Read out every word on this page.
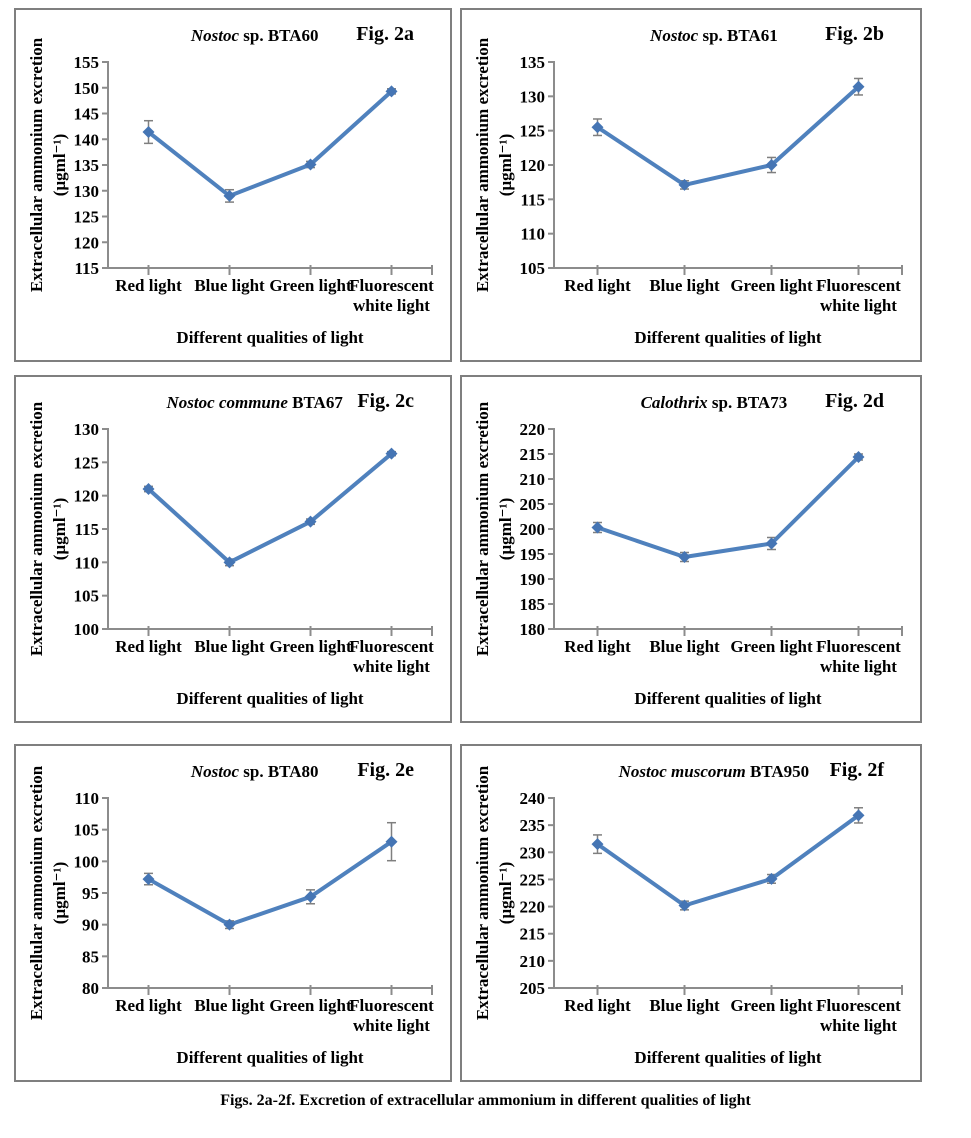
Nostoc sp. BTA60 Fig. 2a
Extracellular ammonium excretion (µgml⁻¹)
115
120
125
130
135
140
145
150
155
Red light Blue light Green light
Fluorescent
white light
Different qualities of light
Nostoc sp. BTA61 Fig. 2b
Extracellular ammonium excretion (µgml⁻¹)
105
110
115
120
125
130
135
Red light Blue light Green light Fluorescent
white light
Different qualities of light
Nostoc commune BTA67 Fig. 2c
Extracellular ammonium excretion (µgml⁻¹)
100
105
110
115
120
125
130
Red light Blue light Green light
Fluorescent
white light
Different qualities of light
Calothrix sp. BTA73 Fig. 2d
Extracellular ammonium excretion (µgml⁻¹)
180
185
190
195
200
205
210
215
220
Red light Blue light Green light Fluorescent
white light
Different qualities of light
Nostoc sp. BTA80 Fig. 2e
Extracellular ammonium excretion (µgml⁻¹)
80
85
90
95
100
105
110
Red light Blue light Green light
Fluorescent
white light
Different qualities of light
Nostoc muscorum BTA950 Fig. 2f
Extracellular ammonium excretion (µgml⁻¹)
205
210
215
220
225
230
235
240
Red light Blue light Green light Fluorescent
white light
Different qualities of light
Figs. 2a-2f. Excretion of extracellular ammonium in different qualities of light
